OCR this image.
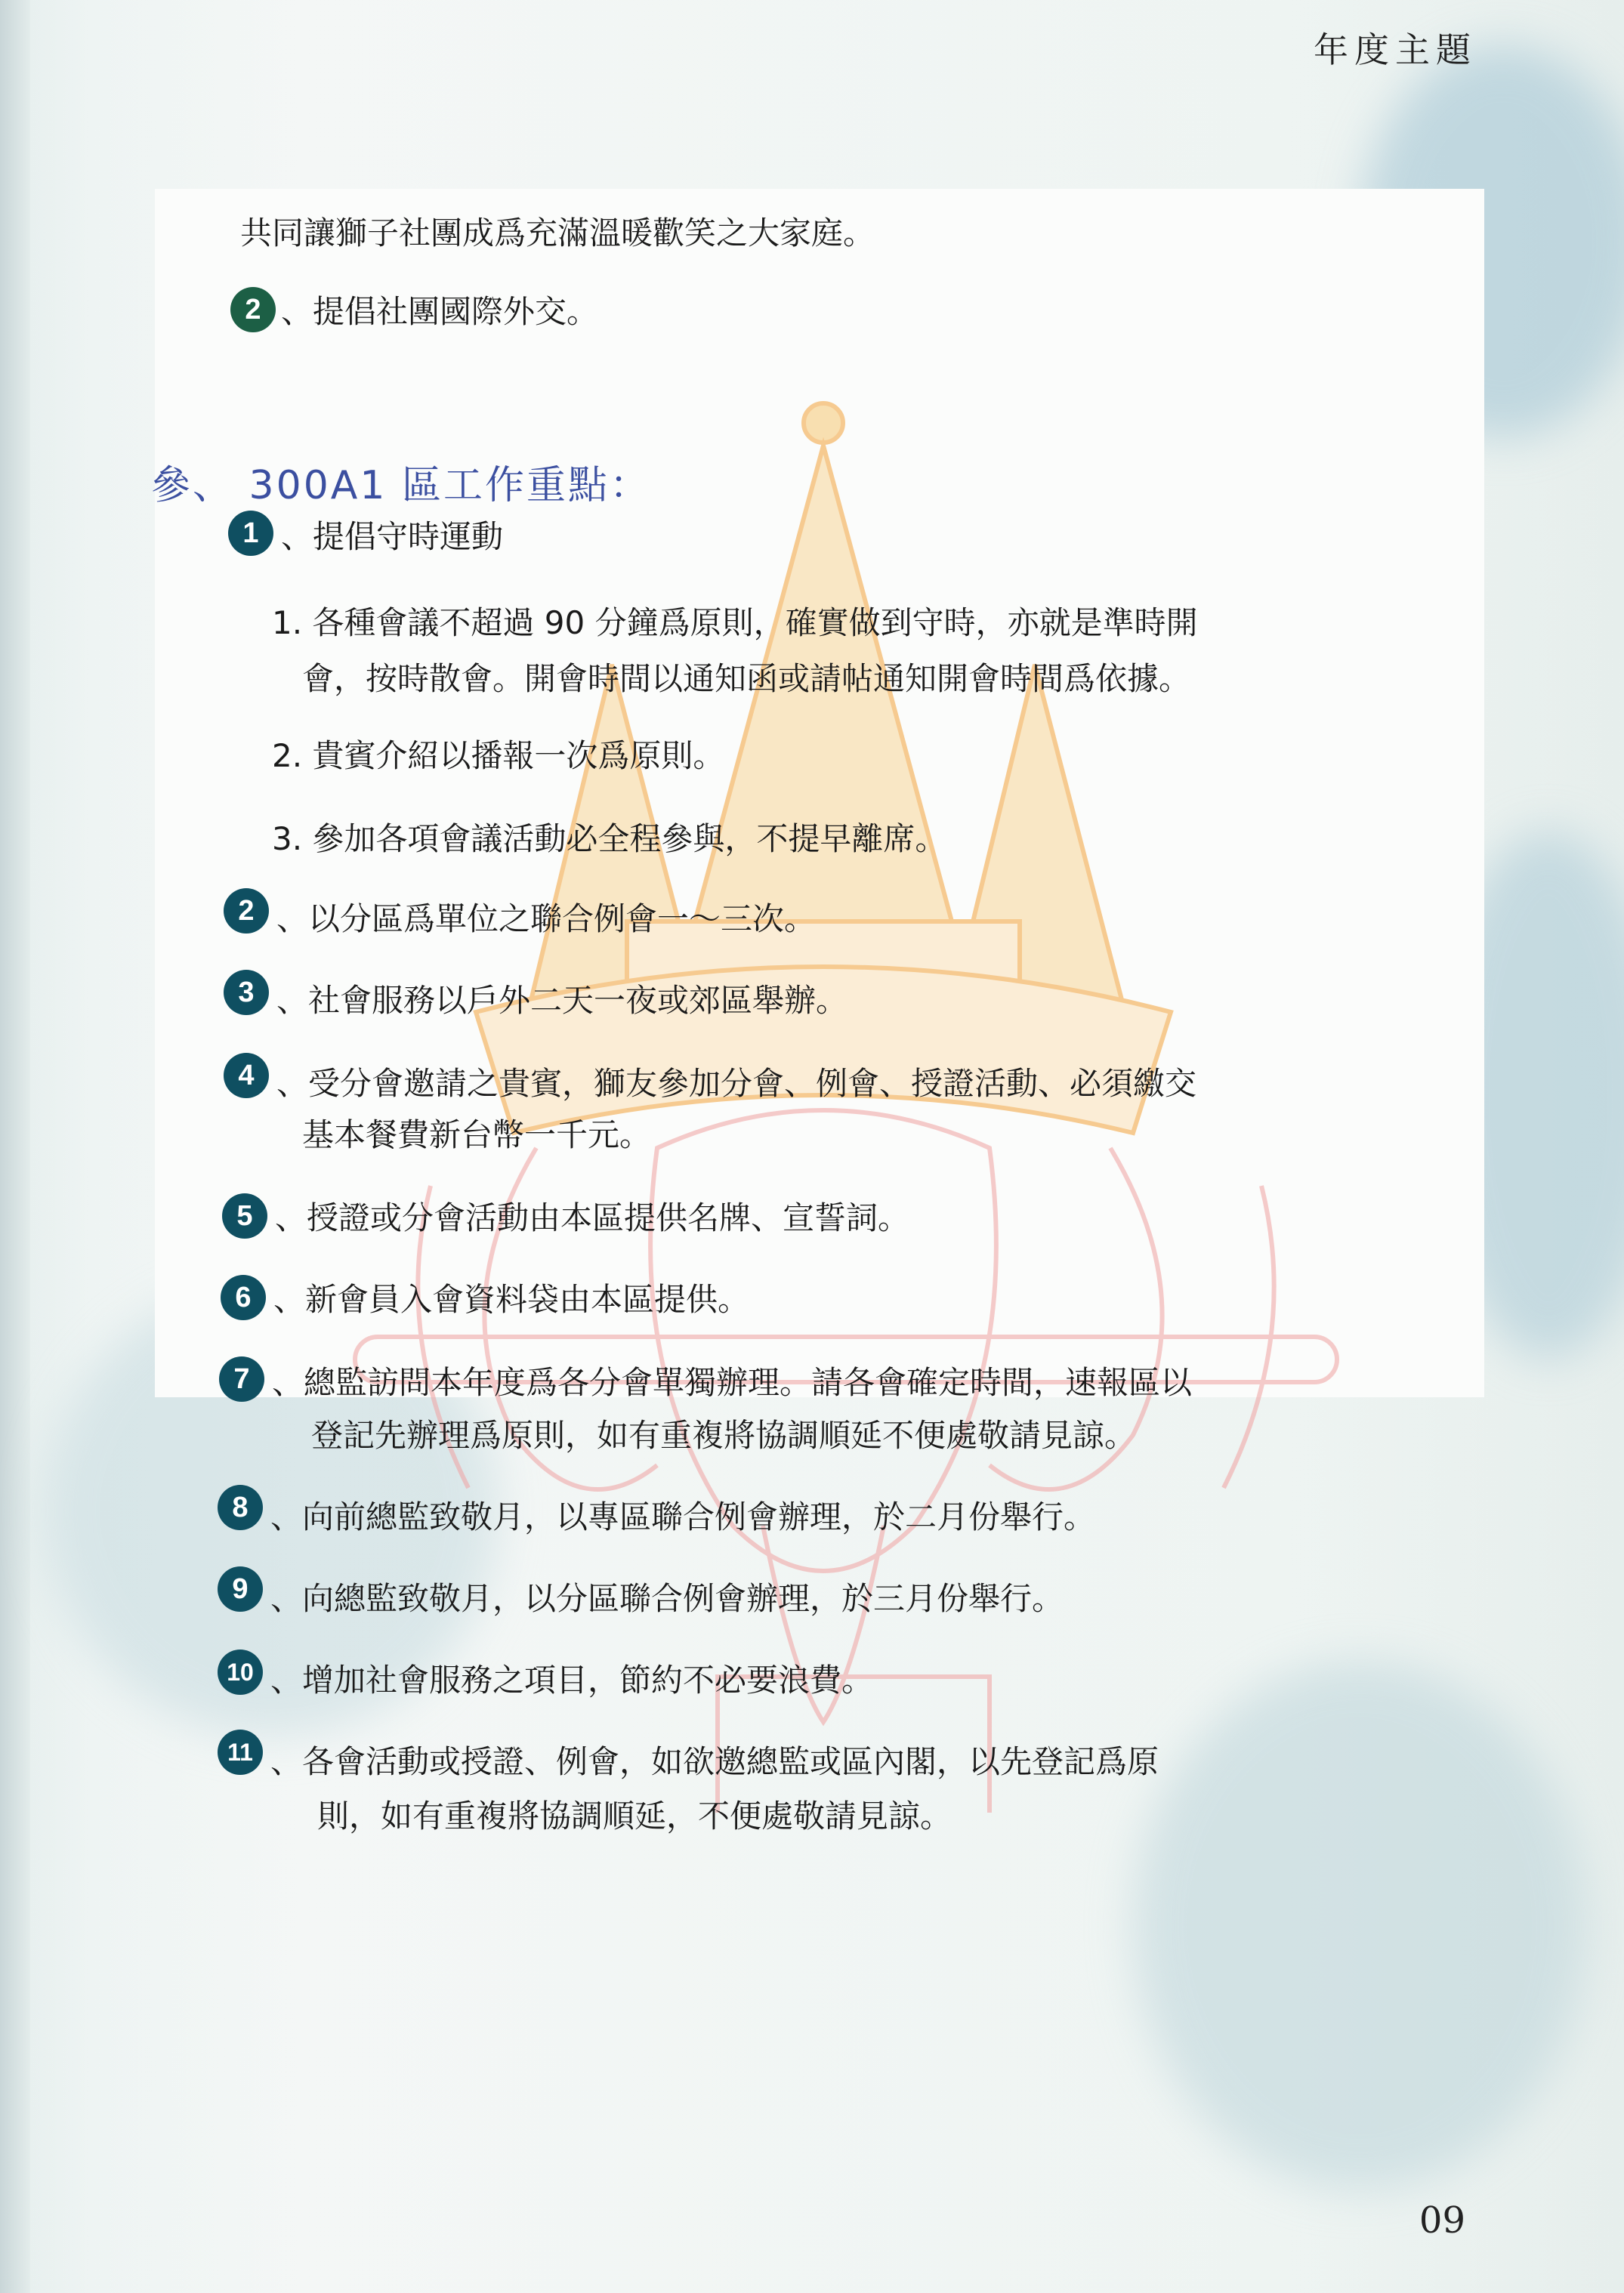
年度主題
共同讓獅子社團成爲充滿溫暖歡笑之大家庭。
2 、提倡社團國際外交。
參、 300A1 區工作重點：
1 、提倡守時運動
1. 各種會議不超過 90 分鐘爲原則，確實做到守時，亦就是準時開
會，按時散會。開會時間以通知函或請帖通知開會時間爲依據。
2. 貴賓介紹以播報一次爲原則。
3. 參加各項會議活動必全程參與，不提早離席。
2 、以分區爲單位之聯合例會一～三次。
3 、社會服務以戶外二天一夜或郊區舉辦。
4 、受分會邀請之貴賓，獅友參加分會、例會、授證活動、必須繳交
基本餐費新台幣一千元。
5 、授證或分會活動由本區提供名牌、宣誓詞。
6 、新會員入會資料袋由本區提供。
7 、總監訪問本年度爲各分會單獨辦理。請各會確定時間，速報區以
登記先辦理爲原則，如有重複將協調順延不便處敬請見諒。
8 、向前總監致敬月，以專區聯合例會辦理，於二月份舉行。
9 、向總監致敬月，以分區聯合例會辦理，於三月份舉行。
10 、增加社會服務之項目，節約不必要浪費。
11 、各會活動或授證、例會，如欲邀總監或區內閣，以先登記爲原
則，如有重複將協調順延，不便處敬請見諒。
09
